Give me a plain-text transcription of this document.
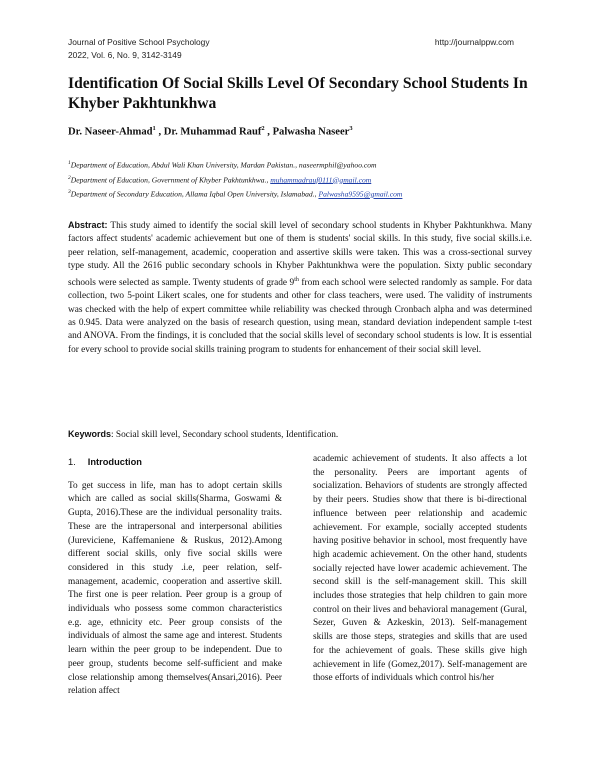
Journal of Positive School Psychology
2022, Vol. 6, No. 9, 3142-3149
http://journalppw.com
Identification Of Social Skills Level Of Secondary School Students In Khyber Pakhtunkhwa
Dr. Naseer-Ahmad$^1$ , Dr. Muhammad Rauf$^2$ , Palwasha Naseer$^3$
$^1$Department of Education, Abdul Wali Khan University, Mardan Pakistan., naseermphil@yahoo.com
$^2$Department of Education, Government of Khyber Pakhtunkhwa., muhammadrauf0111@gmail.com
$^3$Department of Secondary Education, Allama Iqbal Open University, Islamabad., Palwasha9595@gmail.com

Abstract: This study aimed to identify the social skill level of secondary school students in Khyber Pakhtunkhwa. Many factors affect students' academic achievement but one of them is students' social skills. In this study, five social skills.i.e. peer relation, self-management, academic, cooperation and assertive skills were taken. This was a cross-sectional survey type study. All the 2616 public secondary schools in Khyber Pakhtunkhwa were the population. Sixty public secondary schools were selected as sample. Twenty students of grade 9th from each school were selected randomly as sample. For data collection, two 5-point Likert scales, one for students and other for class teachers, were used. The validity of instruments was checked with the help of expert committee while reliability was checked through Cronbach alpha and was determined as 0.945. Data were analyzed on the basis of research question, using mean, standard deviation independent sample t-test and ANOVA. From the findings, it is concluded that the social skills level of secondary school students is low. It is essential for every school to provide social skills training program to students for enhancement of their social skill level.

Keywords: Social skill level, Secondary school students, Identification.

1. Introduction

To get success in life, man has to adopt certain skills which are called as social skills(Sharma, Goswami & Gupta, 2016).These are the individual personality traits. These are the intrapersonal and interpersonal abilities (Jureviciene, Kaffemaniene & Ruskus, 2012).Among different social skills, only five social skills were considered in this study .i.e, peer relation, self-management, academic, cooperation and assertive skill. The first one is peer relation. Peer group is a group of individuals who possess some common characteristics e.g. age, ethnicity etc. Peer group consists of the individuals of almost the same age and interest. Students learn within the peer group to be independent. Due to peer group, students become self-sufficient and make close relationship among themselves(Ansari,2016). Peer relation affect

academic achievement of students. It also affects a lot the personality. Peers are important agents of socialization. Behaviors of students are strongly affected by their peers. Studies show that there is bi-directional influence between peer relationship and academic achievement. For example, socially accepted students having positive behavior in school, most frequently have high academic achievement. On the other hand, students socially rejected have lower academic achievement. The second skill is the self-management skill. This skill includes those strategies that help children to gain more control on their lives and behavioral management (Gural, Sezer, Guven & Azkeskin, 2013). Self-management skills are those steps, strategies and skills that are used for the achievement of goals. These skills give high achievement in life (Gomez,2017). Self-management are those efforts of individuals which control his/her
